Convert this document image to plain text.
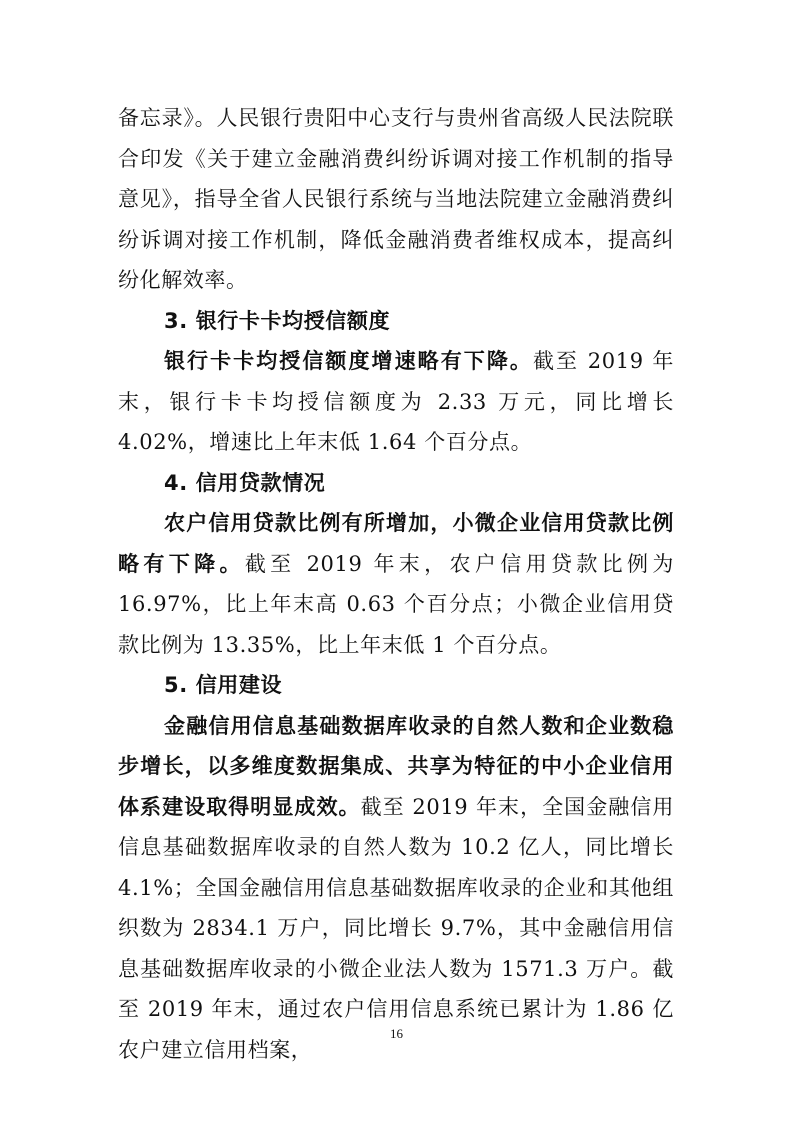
备忘录》。人民银行贵阳中心支行与贵州省高级人民法院联合印发《关于建立金融消费纠纷诉调对接工作机制的指导意见》，指导全省人民银行系统与当地法院建立金融消费纠纷诉调对接工作机制，降低金融消费者维权成本，提高纠纷化解效率。

3. 银行卡卡均授信额度

银行卡卡均授信额度增速略有下降。截至 2019 年末，银行卡卡均授信额度为 2.33 万元，同比增长 4.02%，增速比上年末低 1.64 个百分点。

4. 信用贷款情况

农户信用贷款比例有所增加，小微企业信用贷款比例略有下降。截至 2019 年末，农户信用贷款比例为 16.97%，比上年末高 0.63 个百分点；小微企业信用贷款比例为 13.35%，比上年末低 1 个百分点。

5. 信用建设

金融信用信息基础数据库收录的自然人数和企业数稳步增长，以多维度数据集成、共享为特征的中小企业信用体系建设取得明显成效。截至 2019 年末，全国金融信用信息基础数据库收录的自然人数为 10.2 亿人，同比增长 4.1%；全国金融信用信息基础数据库收录的企业和其他组织数为 2834.1 万户，同比增长 9.7%，其中金融信用信息基础数据库收录的小微企业法人数为 1571.3 万户。截至 2019 年末，通过农户信用信息系统已累计为 1.86 亿农户建立信用档案，

16
